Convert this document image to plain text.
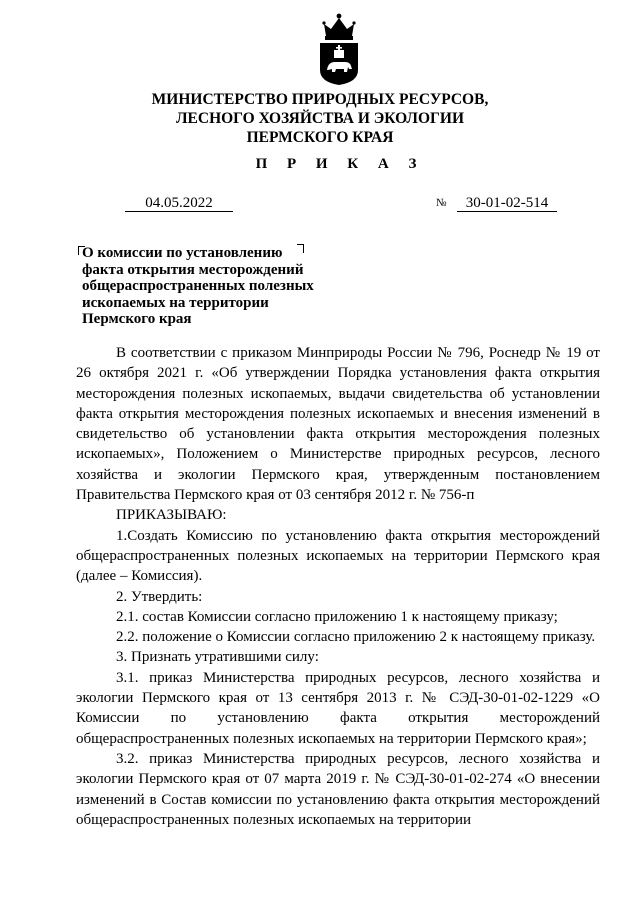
МИНИСТЕРСТВО ПРИРОДНЫХ РЕСУРСОВ,
ЛЕСНОГО ХОЗЯЙСТВА И ЭКОЛОГИИ
ПЕРМСКОГО КРАЯ
П Р И К А З
04.05.2022	№	30-01-02-514
О комиссии по установлению
факта открытия месторождений
общераспространенных полезных
ископаемых на территории
Пермского края

В соответствии с приказом Минприроды России № 796, Роснедр № 19 от 26 октября 2021 г. «Об утверждении Порядка установления факта открытия месторождения полезных ископаемых, выдачи свидетельства об установлении факта открытия месторождения полезных ископаемых и внесения изменений в свидетельство об установлении факта открытия месторождения полезных ископаемых», Положением о Министерстве природных ресурсов, лесного хозяйства и экологии Пермского края, утвержденным постановлением Правительства Пермского края от 03 сентября 2012 г. № 756-п

ПРИКАЗЫВАЮ:

1.Создать Комиссию по установлению факта открытия месторождений общераспространенных полезных ископаемых на территории Пермского края (далее – Комиссия).

2. Утвердить:

2.1. состав Комиссии согласно приложению 1 к настоящему приказу;

2.2. положение о Комиссии согласно приложению 2 к настоящему приказу.

3. Признать утратившими силу:

3.1. приказ Министерства природных ресурсов, лесного хозяйства и экологии Пермского края от 13 сентября 2013 г. № СЭД-30-01-02-1229 «О Комиссии по установлению факта открытия месторождений общераспространенных полезных ископаемых на территории Пермского края»;

3.2. приказ Министерства природных ресурсов, лесного хозяйства и экологии Пермского края от 07 марта 2019 г. № СЭД-30-01-02-274 «О внесении изменений в Состав комиссии по установлению факта открытия месторождений общераспространенных полезных ископаемых на территории
